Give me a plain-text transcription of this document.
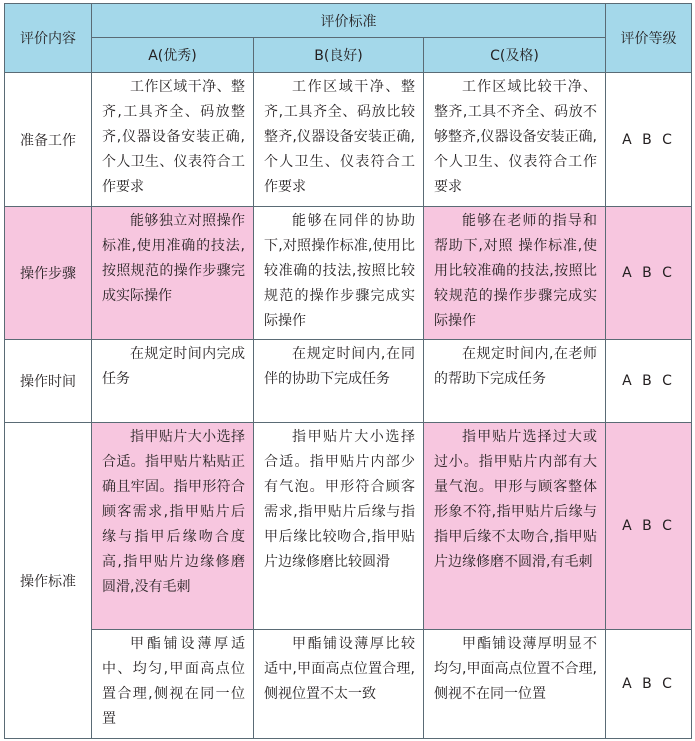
评价内容	评价标准			评价等级
	A(优秀)	B(良好)	C(及格)	
准备工作	工作区域干净、整齐,工具齐全、码放整齐,仪器设备安装正确,个人卫生、仪表符合工作要求	工作区域干净、整齐,工具齐全、码放比较整齐,仪器设备安装正确,个人卫生、仪表符合工作要求	工作区域比较干净、整齐,工具不齐全、码放不够整齐,仪器设备安装正确,个人卫生、仪表符合工作要求	A B C
操作步骤	能够独立对照操作标准,使用准确的技法,按照规范的操作步骤完成实际操作	能够在同伴的协助下,对照操作标准,使用比较准确的技法,按照比较规范的操作步骤完成实际操作	能够在老师的指导和帮助下,对照 操作标准,使用比较准确的技法,按照比较规范的操作步骤完成实际操作	A B C
操作时间	在规定时间内完成任务	在规定时间内,在同伴的协助下完成任务	在规定时间内,在老师的帮助下完成任务	A B C
操作标准	指甲贴片大小选择合适。指甲贴片粘贴正确且牢固。指甲形符合顾客需求,指甲贴片后缘与指甲后缘吻合度高,指甲贴片边缘修磨圆滑,没有毛刺	指甲贴片大小选择合适。指甲贴片内部少有气泡。甲形符合顾客需求,指甲贴片后缘与指甲后缘比较吻合,指甲贴片边缘修磨比较圆滑	指甲贴片选择过大或过小。指甲贴片内部有大量气泡。甲形与顾客整体形象不符,指甲贴片后缘与指甲后缘不太吻合,指甲贴片边缘修磨不圆滑,有毛刺	A B C
	甲酯铺设薄厚适中、均匀,甲面高点位置合理,侧视在同一位置	甲酯铺设薄厚比较适中,甲面高点位置合理,侧视位置不太一致	甲酯铺设薄厚明显不均匀,甲面高点位置不合理,侧视不在同一位置	A B C
